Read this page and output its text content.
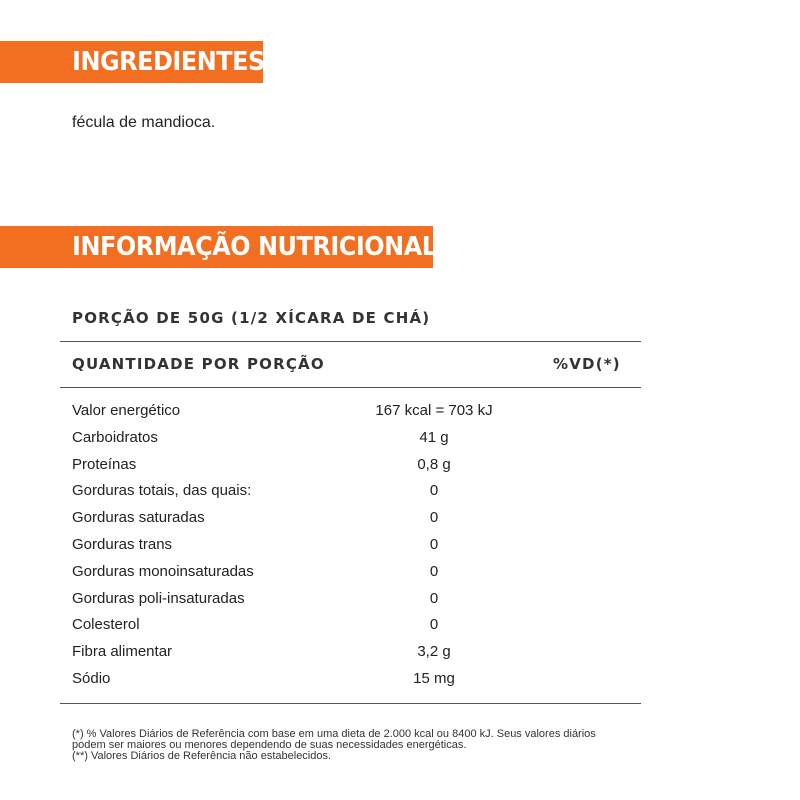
INGREDIENTES
fécula de mandioca.
INFORMAÇÃO NUTRICIONAL
PORÇÃO DE 50G (1/2 XÍCARA DE CHÁ)
QUANTIDADE POR PORÇÃO	%VD(*)
Valor energético	167 kcal = 703 kJ
Carboidratos	41 g
Proteínas	0,8 g
Gorduras totais, das quais:	0
Gorduras saturadas	0
Gorduras trans	0
Gorduras monoinsaturadas	0
Gorduras poli-insaturadas	0
Colesterol	0
Fibra alimentar	3,2 g
Sódio	15 mg
(*) % Valores Diários de Referência com base em uma dieta de 2.000 kcal ou 8400 kJ. Seus valores diários
podem ser maiores ou menores dependendo de suas necessidades energéticas.
(**) Valores Diários de Referência não estabelecidos.
